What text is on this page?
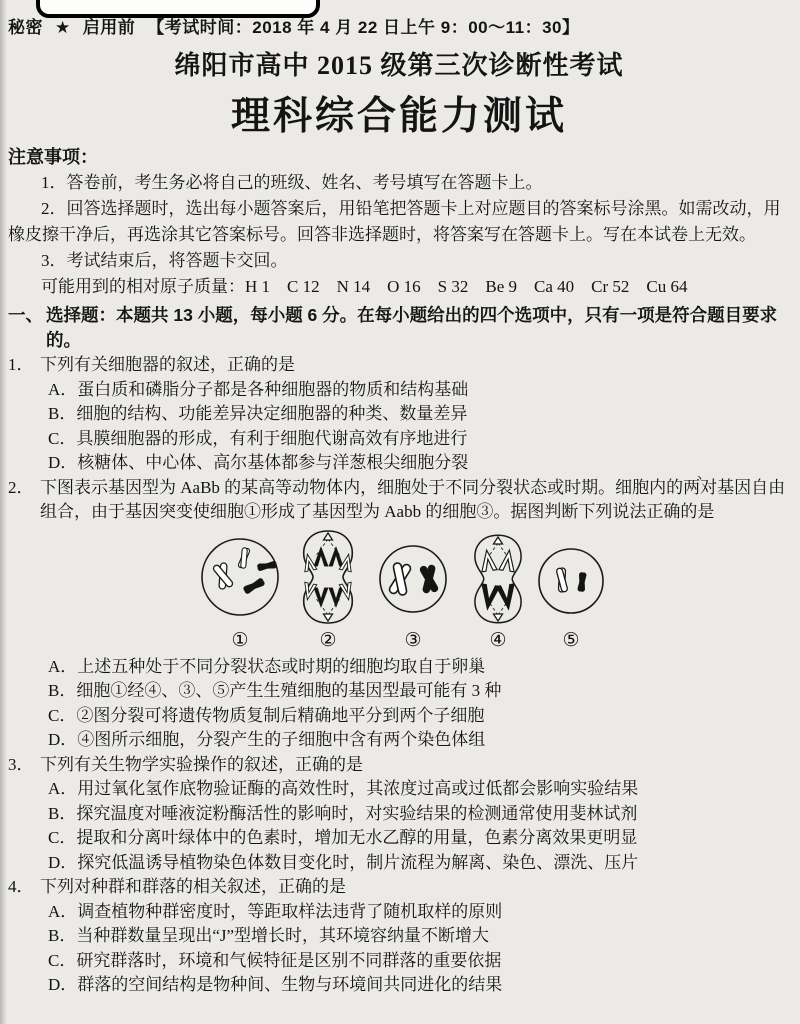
秘密 ★ 启用前 【考试时间：2018 年 4 月 22 日上午 9：00～11：30】
绵阳市高中 2015 级第三次诊断性考试
理科综合能力测试
注意事项：

1．答卷前，考生务必将自己的班级、姓名、考号填写在答题卡上。

2．回答选择题时，选出每小题答案后，用铅笔把答题卡上对应题目的答案标号涂黑。如需改动，用橡皮擦干净后，再选涂其它答案标号。回答非选择题时，将答案写在答题卡上。写在本试卷上无效。

3．考试结束后，将答题卡交回。

可能用到的相对原子质量：H 1　C 12　N 14　O 16　S 32　Be 9　Ca 40　Cr 52　Cu 64

一、 选择题：本题共 13 小题，每小题 6 分。在每小题给出的四个选项中，只有一项是符合题目要求的。
1． 下列有关细胞器的叙述，正确的是
A．蛋白质和磷脂分子都是各种细胞器的物质和结构基础
B．细胞的结构、功能差异决定细胞器的种类、数量差异
C．具膜细胞器的形成，有利于细胞代谢高效有序地进行
D．核糖体、中心体、高尔基体都参与洋葱根尖细胞分裂
2． 下图表示基因型为 AaBb 的某高等动物体内，细胞处于不同分裂状态或时期。细胞内的两对基因自由组合，由于基因突变使细胞①形成了基因型为 Aabb 的细胞③。据图判断下列说法正确的是
①	②	③	④	⑤
A．上述五种处于不同分裂状态或时期的细胞均取自于卵巢
B．细胞①经④、③、⑤产生生殖细胞的基因型最可能有 3 种
C．②图分裂可将遗传物质复制后精确地平分到两个子细胞
D．④图所示细胞，分裂产生的子细胞中含有两个染色体组
3． 下列有关生物学实验操作的叙述，正确的是
A．用过氧化氢作底物验证酶的高效性时，其浓度过高或过低都会影响实验结果
B．探究温度对唾液淀粉酶活性的影响时，对实验结果的检测通常使用斐林试剂
C．提取和分离叶绿体中的色素时，增加无水乙醇的用量，色素分离效果更明显
D．探究低温诱导植物染色体数目变化时，制片流程为解离、染色、漂洗、压片
4． 下列对种群和群落的相关叙述，正确的是
A．调查植物种群密度时，等距取样法违背了随机取样的原则
B．当种群数量呈现出“J”型增长时，其环境容纳量不断增大
C．研究群落时，环境和气候特征是区别不同群落的重要依据
D．群落的空间结构是物种间、生物与环境间共同进化的结果
、
